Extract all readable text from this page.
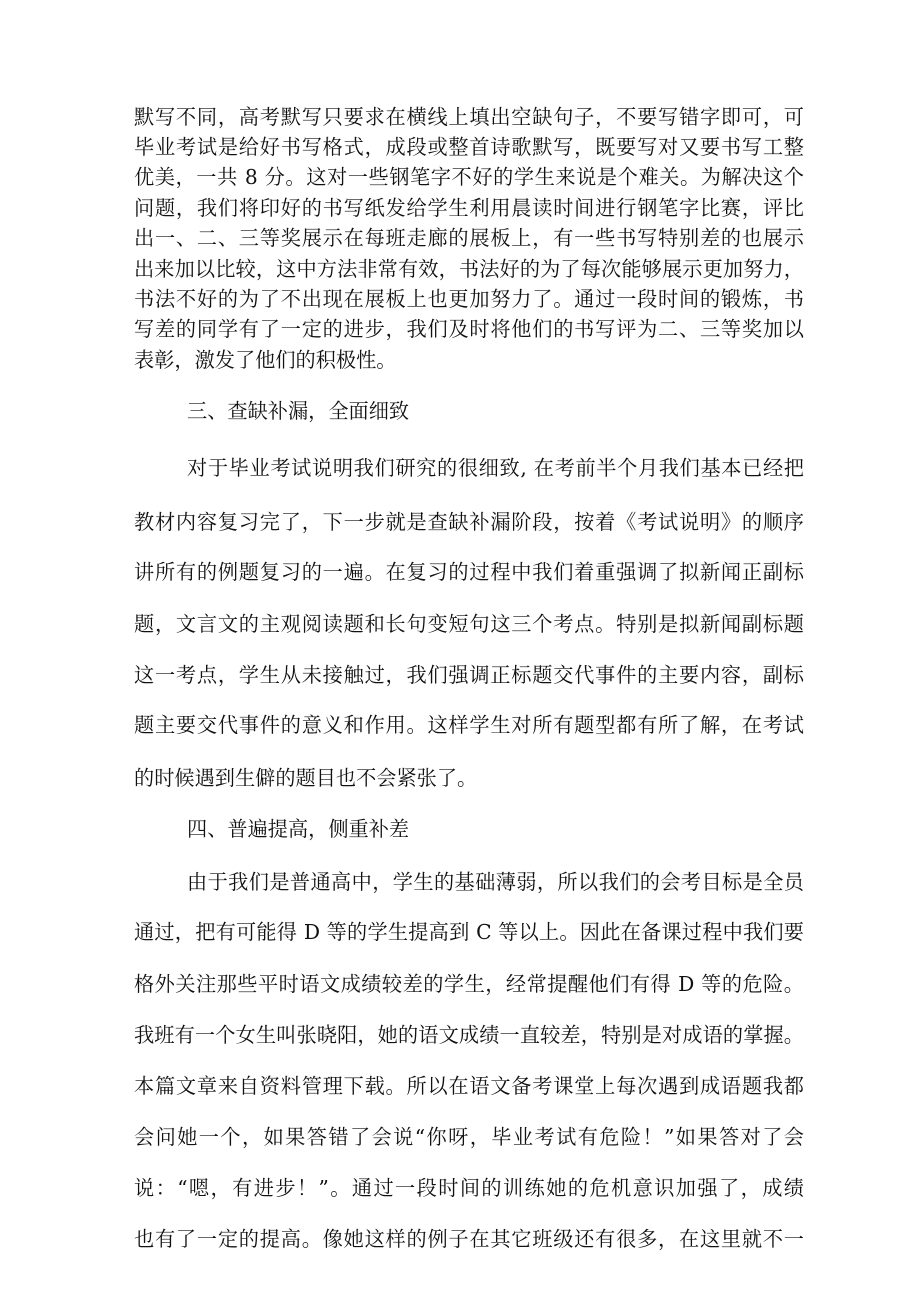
默写不同，高考默写只要求在横线上填出空缺句子，不要写错字即可，可

毕业考试是给好书写格式，成段或整首诗歌默写，既要写对又要书写工整

优美，一共 8 分。这对一些钢笔字不好的学生来说是个难关。为解决这个

问题，我们将印好的书写纸发给学生利用晨读时间进行钢笔字比赛，评比

出一、二、三等奖展示在每班走廊的展板上，有一些书写特别差的也展示

出来加以比较，这中方法非常有效，书法好的为了每次能够展示更加努力，

书法不好的为了不出现在展板上也更加努力了。通过一段时间的锻炼，书

写差的同学有了一定的进步，我们及时将他们的书写评为二、三等奖加以

表彰，激发了他们的积极性。

三、查缺补漏，全面细致

对于毕业考试说明我们研究的很细致, 在考前半个月我们基本已经把

教材内容复习完了，下一步就是查缺补漏阶段，按着《考试说明》的顺序

讲所有的例题复习的一遍。在复习的过程中我们着重强调了拟新闻正副标

题，文言文的主观阅读题和长句变短句这三个考点。特别是拟新闻副标题

这一考点，学生从未接触过，我们强调正标题交代事件的主要内容，副标

题主要交代事件的意义和作用。这样学生对所有题型都有所了解，在考试

的时候遇到生僻的题目也不会紧张了。

四、普遍提高，侧重补差

由于我们是普通高中，学生的基础薄弱，所以我们的会考目标是全员

通过，把有可能得 D 等的学生提高到 C 等以上。因此在备课过程中我们要

格外关注那些平时语文成绩较差的学生，经常提醒他们有得 D 等的危险。

我班有一个女生叫张晓阳，她的语文成绩一直较差，特别是对成语的掌握。

本篇文章来自资料管理下载。所以在语文备考课堂上每次遇到成语题我都

会问她一个，如果答错了会说“你呀，毕业考试有危险！”如果答对了会

说：“嗯，有进步！”。通过一段时间的训练她的危机意识加强了，成绩

也有了一定的提高。像她这样的例子在其它班级还有很多，在这里就不一
